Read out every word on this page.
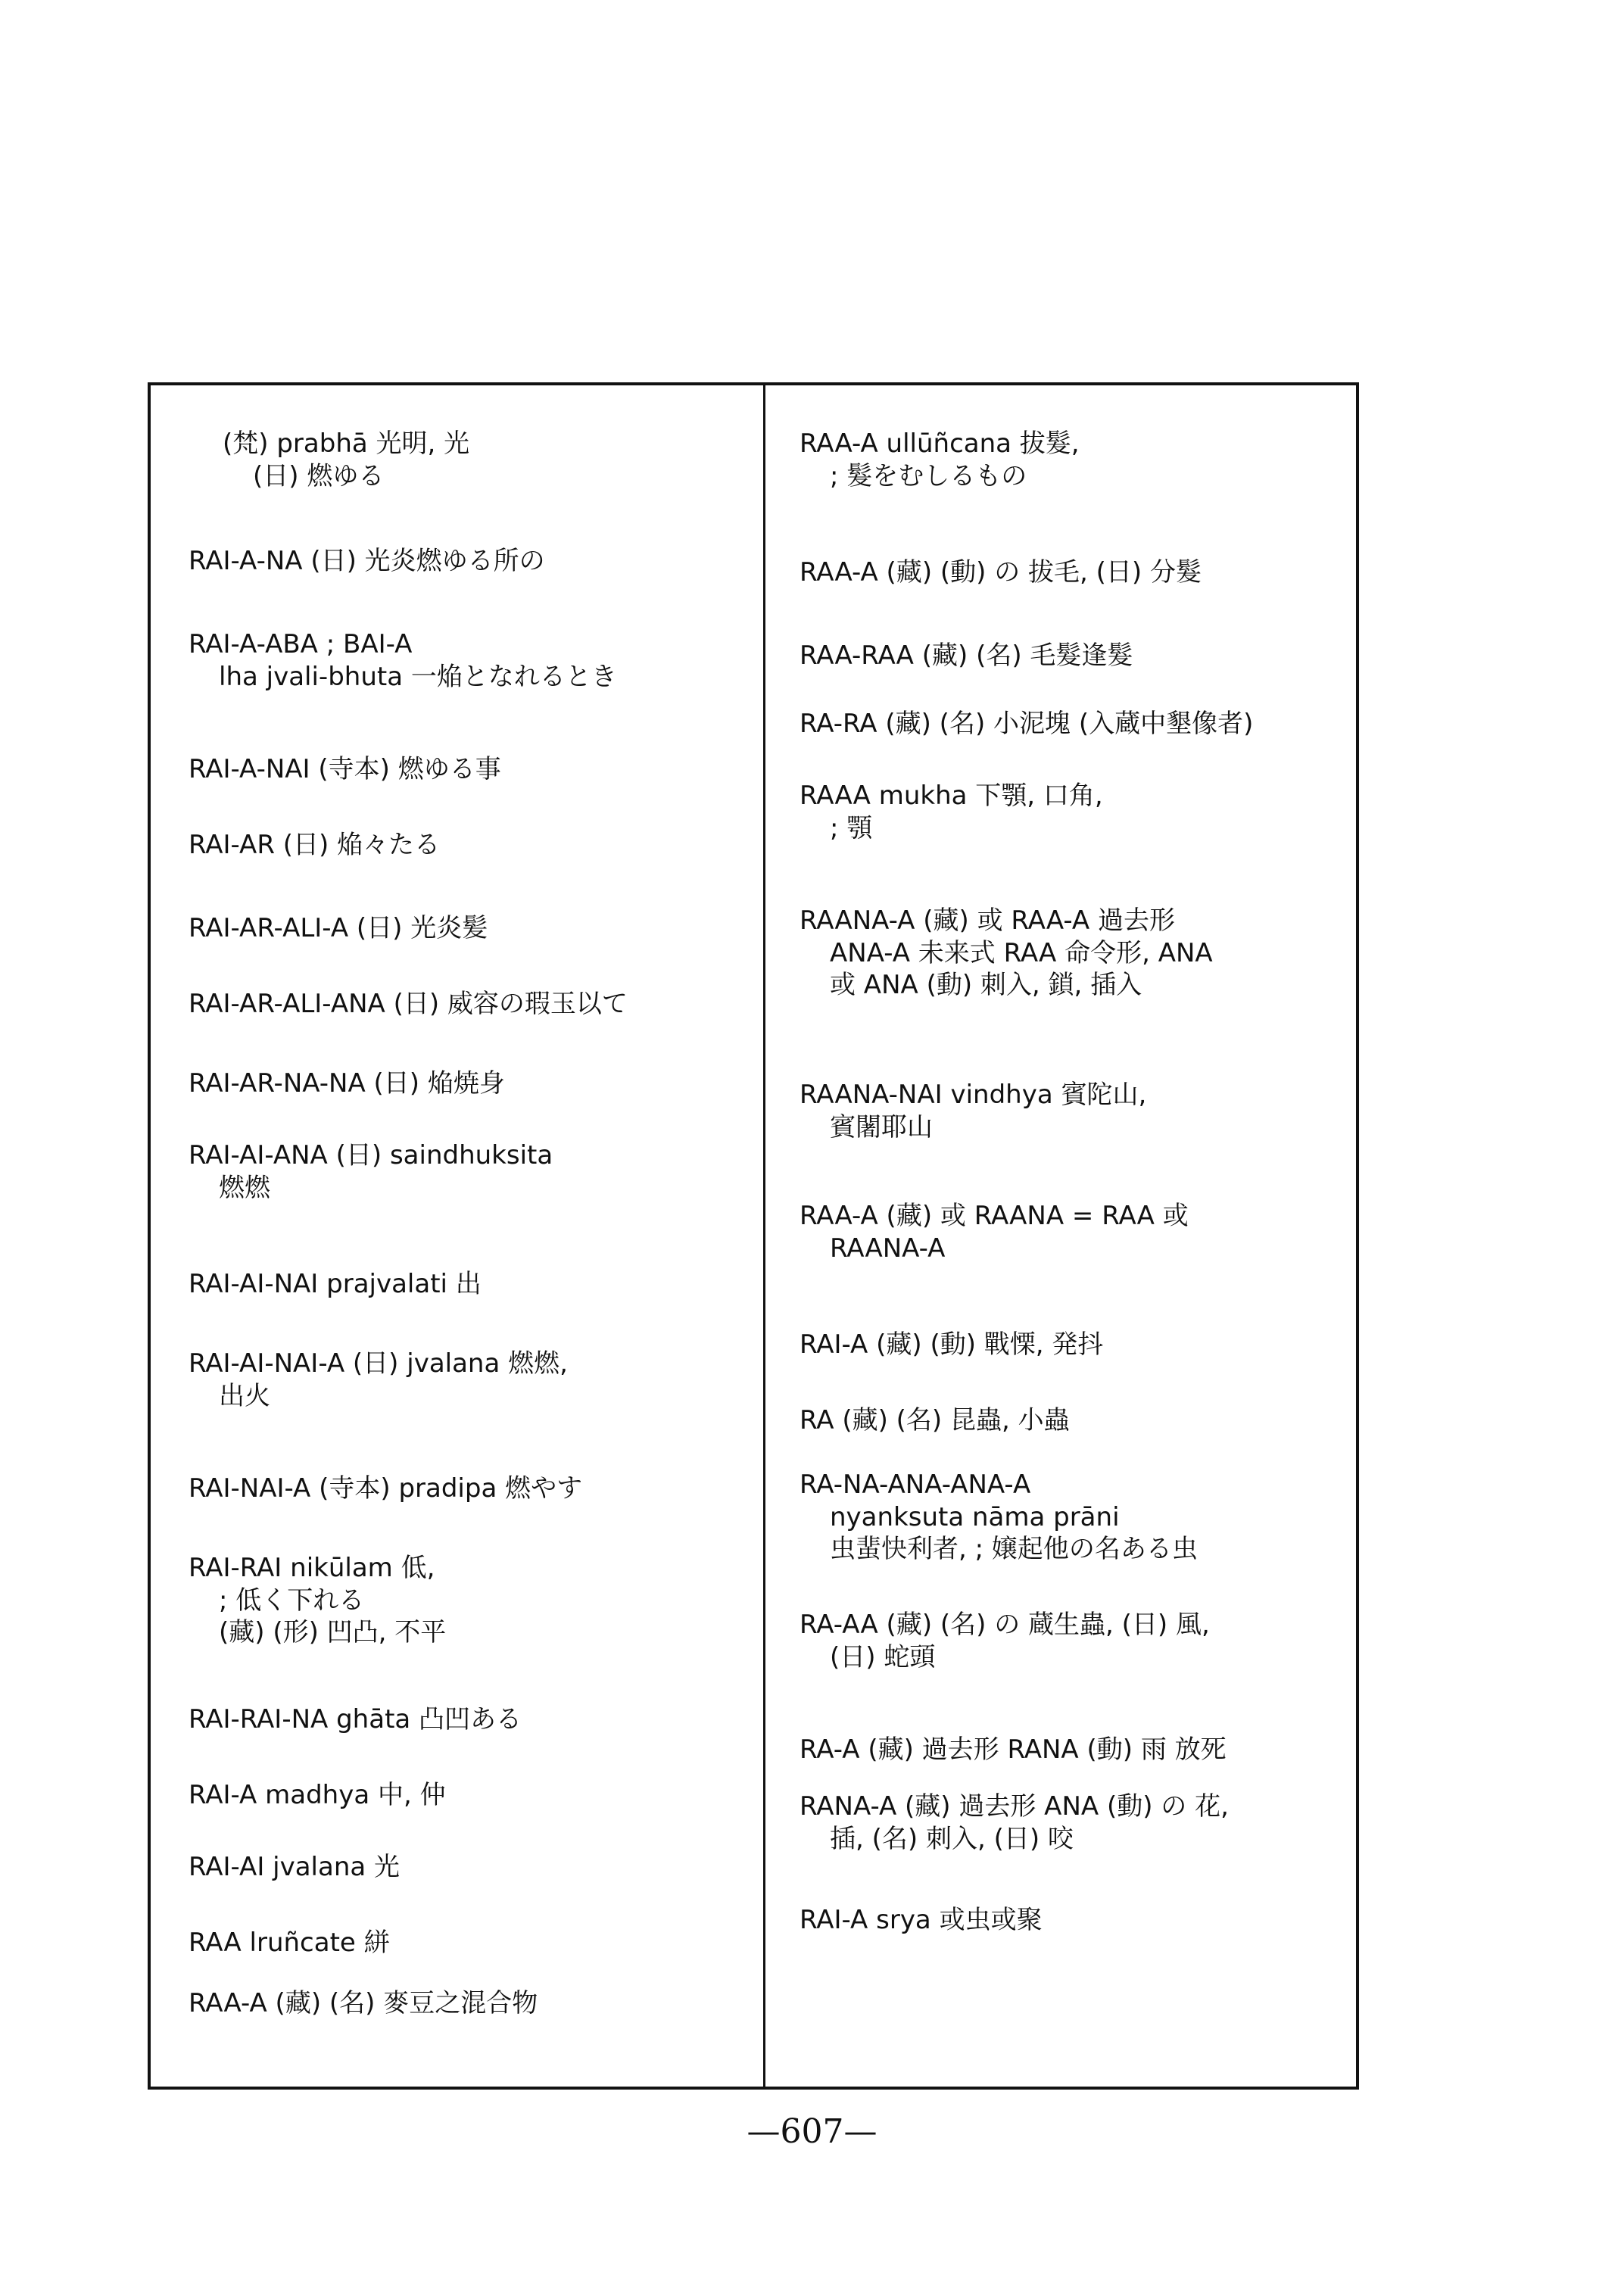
(梵) prabhā 光明, 光
(日) 燃ゆる
RAI-A-NA (日) 光炎燃ゆる所の
RAI-A-ABA ; BAI-A
lha jvali-bhuta 一焔となれるとき
RAI-A-NAI (寺本) 燃ゆる事
RAI-AR (日) 焔々たる
RAI-AR-ALI-A (日) 光炎髪
RAI-AR-ALI-ANA (日) 威容の瑕玉以て
RAI-AR-NA-NA (日) 焔焼身
RAI-AI-ANA (日) saindhuksita
燃燃
RAI-AI-NAI prajvalati 出
RAI-AI-NAI-A (日) jvalana 燃燃,
出火
RAI-NAI-A (寺本) pradipa 燃やす
RAI-RAI nikūlam 低,
; 低く下れる
(藏) (形) 凹凸, 不平
RAI-RAI-NA ghāta 凸凹ある
RAI-A madhya 中, 仲
RAI-AI jvalana 光
RAA lruñcate 絣
RAA-A (藏) (名) 麥豆之混合物
RAA-A ullūñcana 拔髮,
; 髮をむしるもの
RAA-A (藏) (動) の 拔毛, (日) 分髮
RAA-RAA (藏) (名) 毛髮逢髮
RA-RA (藏) (名) 小泥塊 (入蔵中墾像者)
RAAA mukha 下顎, 口角,
; 顎
RAANA-A (藏) 或 RAA-A 過去形
ANA-A 未来式 RAA 命令形, ANA
或 ANA (動) 刺入, 鎖, 插入
RAANA-NAI vindhya 賓陀山,
賓闍耶山
RAA-A (藏) 或 RAANA = RAA 或
RAANA-A
RAI-A (藏) (動) 戰慄, 発抖
RA (藏) (名) 昆蟲, 小蟲
RA-NA-ANA-ANA-A
nyanksuta nāma prāni
虫蜚快利者, ; 嬢起他の名ある虫
RA-AA (藏) (名) の 蔵生蟲, (日) 風,
(日) 蛇頭
RA-A (藏) 過去形 RANA (動) 雨 放死
RANA-A (藏) 過去形 ANA (動) の 花,
插, (名) 刺入, (日) 咬
RAI-A srya 或虫或聚
—607—
